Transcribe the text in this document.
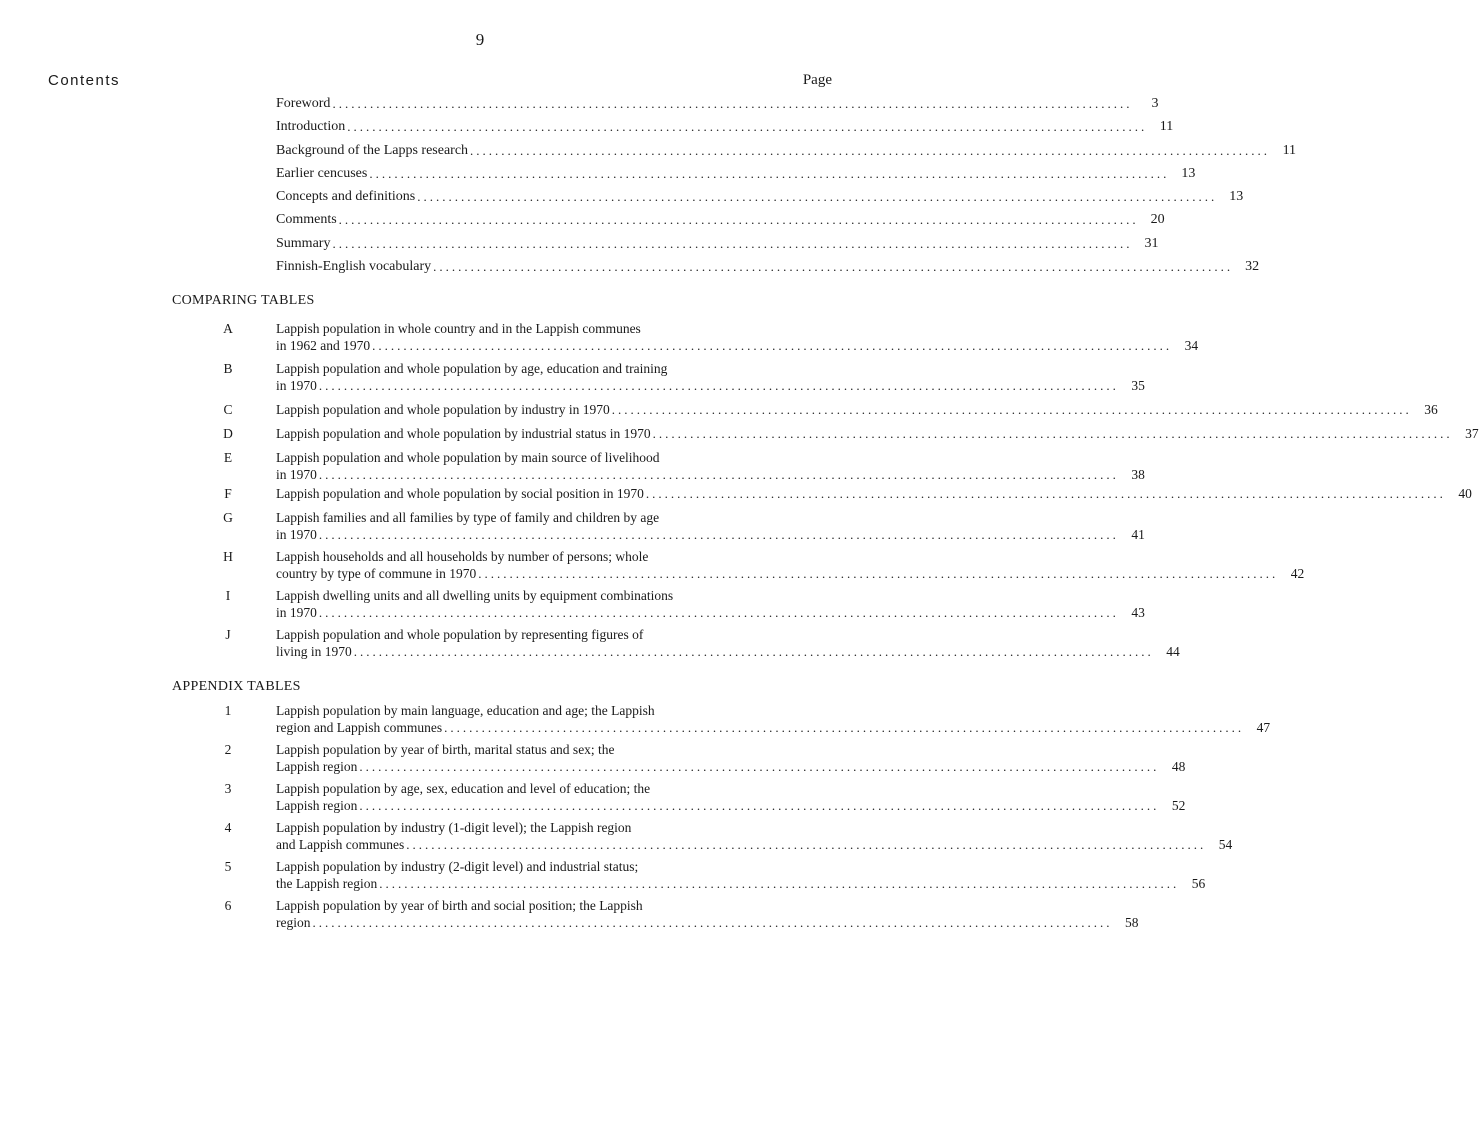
9
Contents	Page
Foreword ................................................................................................................................	3
Introduction ................................................................................................................................ 11
Background of the Lapps research ................................................................................................................................ 11
Earlier cencuses ................................................................................................................................ 13
Concepts and definitions ................................................................................................................................ 13
Comments ................................................................................................................................ 20
Summary ................................................................................................................................ 31
Finnish-English vocabulary ................................................................................................................................ 32
COMPARING TABLES
A	Lappish population in whole country and in the Lappish communes
in 1962 and 1970 ................................................................................................................................ 34
B	Lappish population and whole population by age, education and training
in 1970 ................................................................................................................................ 35
C	Lappish population and whole population by industry in 1970 ................................................................................................................................ 36
D	Lappish population and whole population by industrial status in 1970 ................................................................................................................................ 37
E	Lappish population and whole population by main source of livelihood
in 1970 ................................................................................................................................ 38
F	Lappish population and whole population by social position in 1970 ................................................................................................................................ 40
G	Lappish families and all families by type of family and children by age
in 1970 ................................................................................................................................ 41
H	Lappish households and all households by number of persons; whole
country by type of commune in 1970 ................................................................................................................................ 42
I	Lappish dwelling units and all dwelling units by equipment combinations
in 1970 ................................................................................................................................ 43
J	Lappish population and whole population by representing figures of
living in 1970 ................................................................................................................................ 44
APPENDIX TABLES
1	Lappish population by main language, education and age; the Lappish
region and Lappish communes ................................................................................................................................ 47
2	Lappish population by year of birth, marital status and sex; the
Lappish region ................................................................................................................................ 48
3	Lappish population by age, sex, education and level of education; the
Lappish region ................................................................................................................................ 52
4	Lappish population by industry (1-digit level); the Lappish region
and Lappish communes ................................................................................................................................ 54
5	Lappish population by industry (2-digit level) and industrial status;
the Lappish region ................................................................................................................................ 56
6	Lappish population by year of birth and social position; the Lappish
region ................................................................................................................................ 58
